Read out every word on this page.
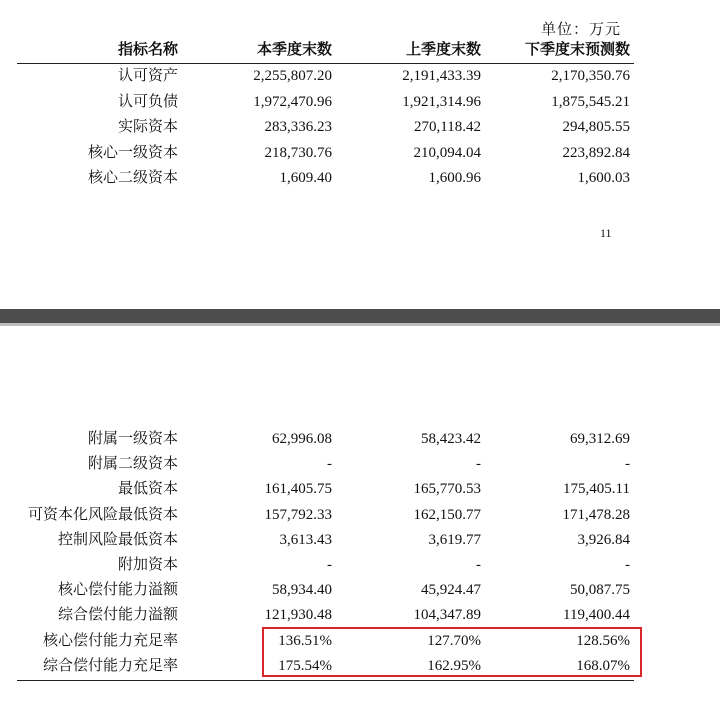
单位：万元
指标名称	本季度末数	上季度末数	下季度末预测数
认可资产	2,255,807.20	2,191,433.39	2,170,350.76
认可负债	1,972,470.96	1,921,314.96	1,875,545.21
实际资本	283,336.23	270,118.42	294,805.55
核心一级资本	218,730.76	210,094.04	223,892.84
核心二级资本	1,609.40	1,600.96	1,600.03
11
附属一级资本	62,996.08	58,423.42	69,312.69
附属二级资本	-	-	-
最低资本	161,405.75	165,770.53	175,405.11
可资本化风险最低资本	157,792.33	162,150.77	171,478.28
控制风险最低资本	3,613.43	3,619.77	3,926.84
附加资本	-	-	-
核心偿付能力溢额	58,934.40	45,924.47	50,087.75
综合偿付能力溢额	121,930.48	104,347.89	119,400.44
核心偿付能力充足率	136.51%	127.70%	128.56%
综合偿付能力充足率	175.54%	162.95%	168.07%
